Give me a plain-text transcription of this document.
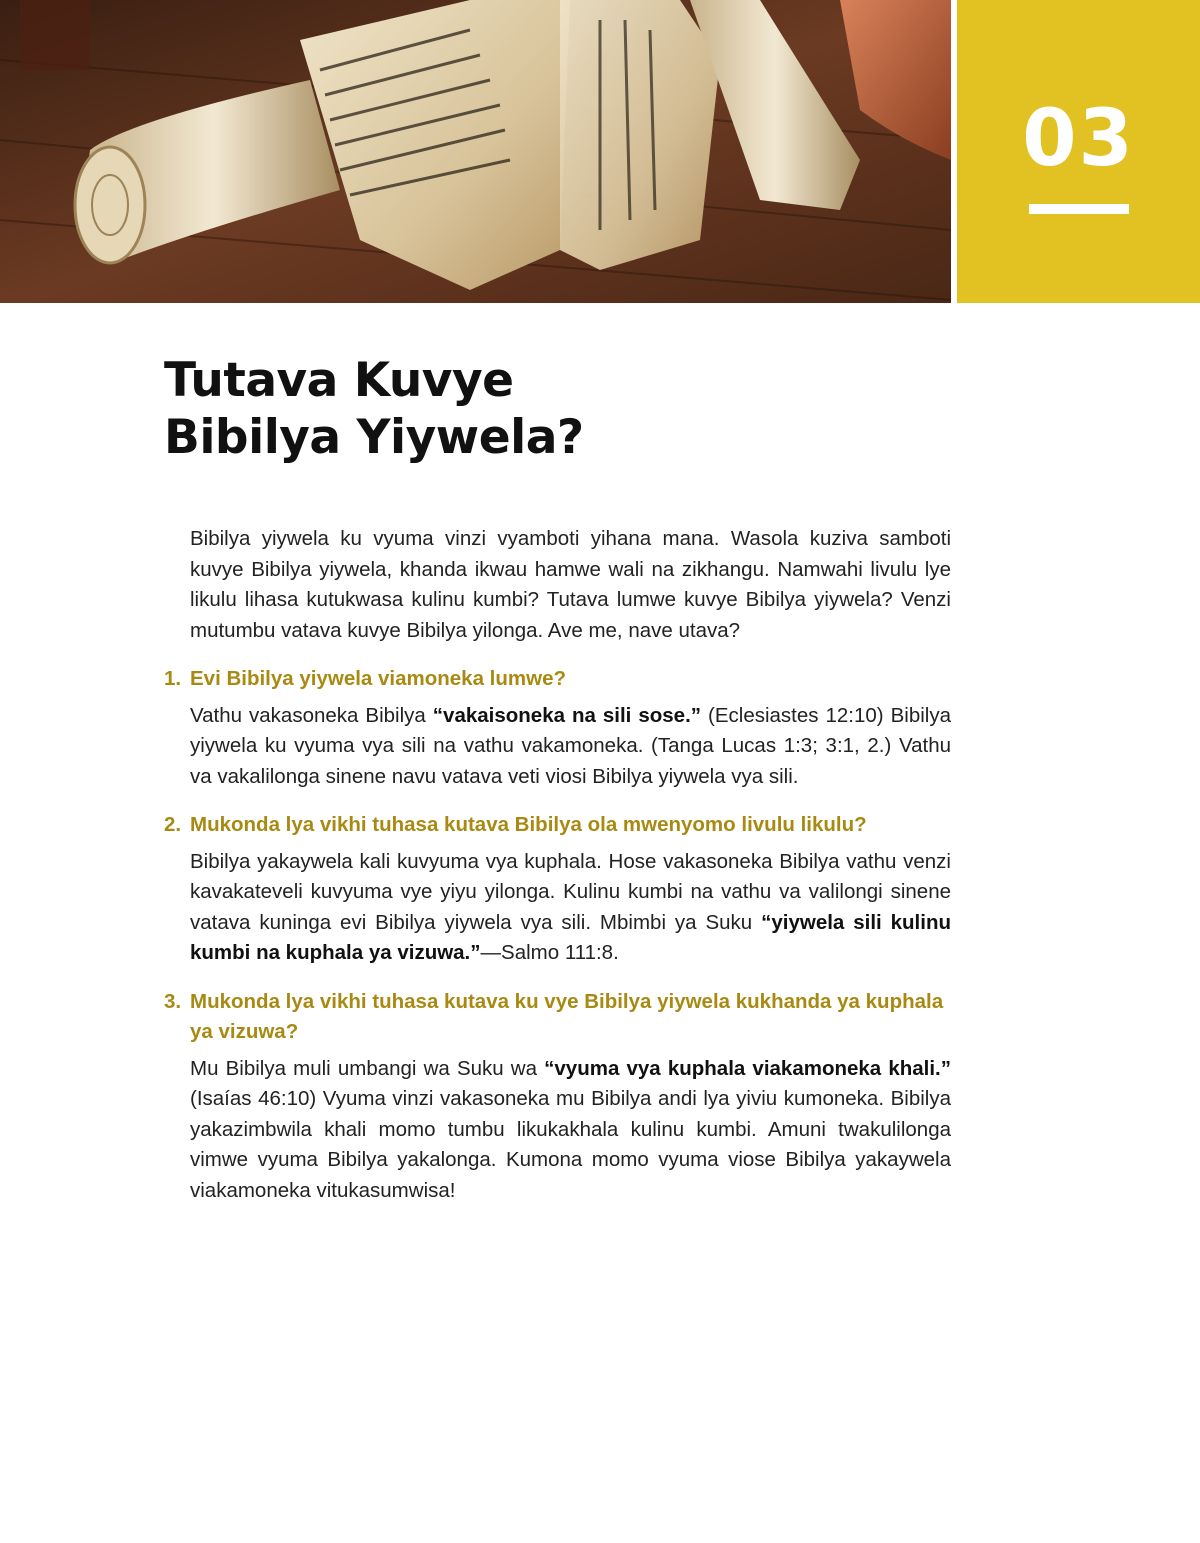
03
Tutava Kuvye
Bibilya Yiywela?

Bibilya yiywela ku vyuma vinzi vyamboti yihana mana. Wasola kuziva samboti kuvye Bibilya yiywela, khanda ikwau hamwe wali na zikhangu. Namwahi livulu lye likulu lihasa kutukwasa kulinu kumbi? Tutava lumwe kuvye Bibilya yiywela? Venzi mutumbu vatava kuvye Bibilya yilonga. Ave me, nave utava?

1. Evi Bibilya yiywela viamoneka lumwe?

Vathu vakasoneka Bibilya “vakaisoneka na sili sose.” (Eclesiastes 12:10) Bibilya yiywela ku vyuma vya sili na vathu vakamoneka. (Tanga Lucas 1:3; 3:1, 2.) Vathu va vakalilonga sinene navu vatava veti viosi Bibilya yiywela vya sili.

2. Mukonda lya vikhi tuhasa kutava Bibilya ola mwenyomo livulu likulu?

Bibilya yakaywela kali kuvyuma vya kuphala. Hose vakasoneka Bibilya vathu venzi kavakateveli kuvyuma vye yiyu yilonga. Kulinu kumbi na vathu va valilongi sinene vatava kuninga evi Bibilya yiywela vya sili. Mbimbi ya Suku “yiywela sili kulinu kumbi na kuphala ya vizuwa.”—Salmo 111:8.

3. Mukonda lya vikhi tuhasa kutava ku vye Bibilya yiywela kukhanda ya kuphala ya vizuwa?

Mu Bibilya muli umbangi wa Suku wa “vyuma vya kuphala viakamoneka khali.” (Isaías 46:10) Vyuma vinzi vakasoneka mu Bibilya andi lya yiviu kumoneka. Bibilya yakazimbwila khali momo tumbu likukakhala kulinu kumbi. Amuni twakulilonga vimwe vyuma Bibilya yakalonga. Kumona momo vyuma viose Bibilya yakaywela viakamoneka vitukasumwisa!
